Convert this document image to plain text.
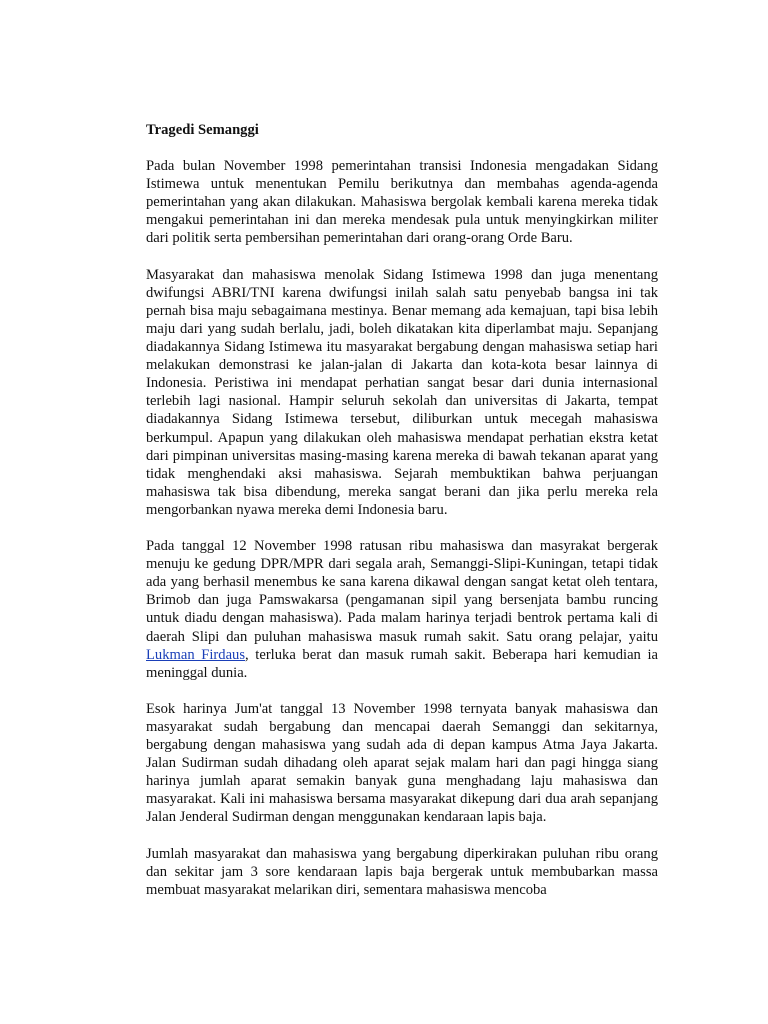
Tragedi Semanggi

Pada bulan November 1998 pemerintahan transisi Indonesia mengadakan Sidang Istimewa untuk menentukan Pemilu berikutnya dan membahas agenda-agenda pemerintahan yang akan dilakukan. Mahasiswa bergolak kembali karena mereka tidak mengakui pemerintahan ini dan mereka mendesak pula untuk menyingkirkan militer dari politik serta pembersihan pemerintahan dari orang-orang Orde Baru.

Masyarakat dan mahasiswa menolak Sidang Istimewa 1998 dan juga menentang dwifungsi ABRI/TNI karena dwifungsi inilah salah satu penyebab bangsa ini tak pernah bisa maju sebagaimana mestinya. Benar memang ada kemajuan, tapi bisa lebih maju dari yang sudah berlalu, jadi, boleh dikatakan kita diperlambat maju. Sepanjang diadakannya Sidang Istimewa itu masyarakat bergabung dengan mahasiswa setiap hari melakukan demonstrasi ke jalan-jalan di Jakarta dan kota-kota besar lainnya di Indonesia. Peristiwa ini mendapat perhatian sangat besar dari dunia internasional terlebih lagi nasional. Hampir seluruh sekolah dan universitas di Jakarta, tempat diadakannya Sidang Istimewa tersebut, diliburkan untuk mecegah mahasiswa berkumpul. Apapun yang dilakukan oleh mahasiswa mendapat perhatian ekstra ketat dari pimpinan universitas masing-masing karena mereka di bawah tekanan aparat yang tidak menghendaki aksi mahasiswa. Sejarah membuktikan bahwa perjuangan mahasiswa tak bisa dibendung, mereka sangat berani dan jika perlu mereka rela mengorbankan nyawa mereka demi Indonesia baru.

Pada tanggal 12 November 1998 ratusan ribu mahasiswa dan masyrakat bergerak menuju ke gedung DPR/MPR dari segala arah, Semanggi-Slipi-Kuningan, tetapi tidak ada yang berhasil menembus ke sana karena dikawal dengan sangat ketat oleh tentara, Brimob dan juga Pamswakarsa (pengamanan sipil yang bersenjata bambu runcing untuk diadu dengan mahasiswa). Pada malam harinya terjadi bentrok pertama kali di daerah Slipi dan puluhan mahasiswa masuk rumah sakit. Satu orang pelajar, yaitu Lukman Firdaus, terluka berat dan masuk rumah sakit. Beberapa hari kemudian ia meninggal dunia.

Esok harinya Jum'at tanggal 13 November 1998 ternyata banyak mahasiswa dan masyarakat sudah bergabung dan mencapai daerah Semanggi dan sekitarnya, bergabung dengan mahasiswa yang sudah ada di depan kampus Atma Jaya Jakarta. Jalan Sudirman sudah dihadang oleh aparat sejak malam hari dan pagi hingga siang harinya jumlah aparat semakin banyak guna menghadang laju mahasiswa dan masyarakat. Kali ini mahasiswa bersama masyarakat dikepung dari dua arah sepanjang Jalan Jenderal Sudirman dengan menggunakan kendaraan lapis baja.

Jumlah masyarakat dan mahasiswa yang bergabung diperkirakan puluhan ribu orang dan sekitar jam 3 sore kendaraan lapis baja bergerak untuk membubarkan massa membuat masyarakat melarikan diri, sementara mahasiswa mencoba
